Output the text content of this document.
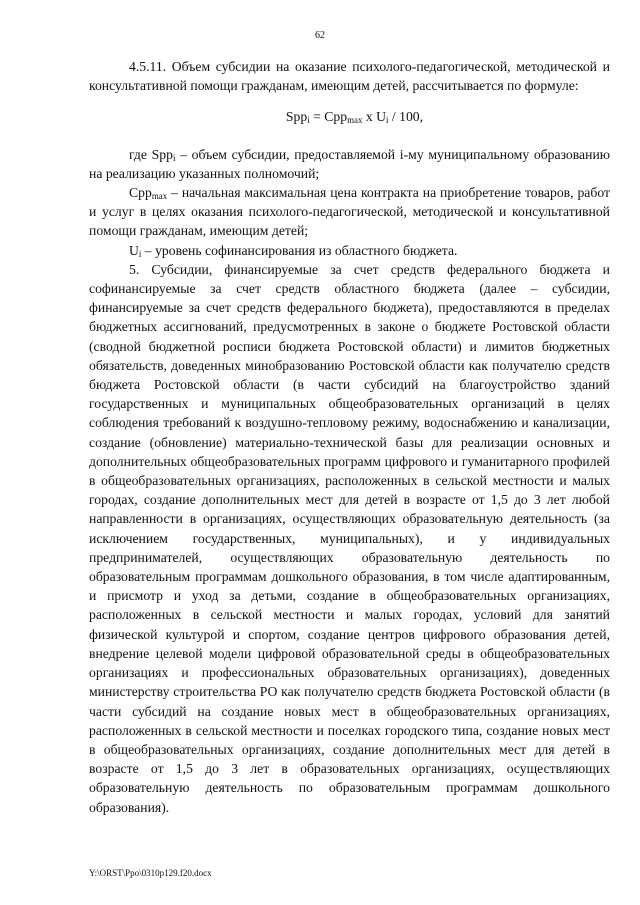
62

4.5.11. Объем субсидии на оказание психолого-педагогической, методической и консультативной помощи гражданам, имеющим детей, рассчитывается по формуле:

Spp$_i$ = Cpp$_{max}$ x $U_i / 100$,

где Spp$_i$ – объем субсидии, предоставляемой i-му муниципальному образованию на реализацию указанных полномочий;

Cpp$_{max}$ – начальная максимальная цена контракта на приобретение товаров, работ и услуг в целях оказания психолого-педагогической, методической и консультативной помощи гражданам, имеющим детей;

$U_i$ – уровень софинансирования из областного бюджета.

5. Субсидии, финансируемые за счет средств федерального бюджета и софинансируемые за счет средств областного бюджета (далее – субсидии, финансируемые за счет средств федерального бюджета), предоставляются в пределах бюджетных ассигнований, предусмотренных в законе о бюджете Ростовской области (сводной бюджетной росписи бюджета Ростовской области) и лимитов бюджетных обязательств, доведенных минобразованию Ростовской области как получателю средств бюджета Ростовской области (в части субсидий на благоустройство зданий государственных и муниципальных общеобразовательных организаций в целях соблюдения требований к воздушно-тепловому режиму, водоснабжению и канализации, создание (обновление) материально-технической базы для реализации основных и дополнительных общеобразовательных программ цифрового и гуманитарного профилей в общеобразовательных организациях, расположенных в сельской местности и малых городах, создание дополнительных мест для детей в возрасте от 1,5 до 3 лет любой направленности в организациях, осуществляющих образовательную деятельность (за исключением государственных, муниципальных), и у индивидуальных предпринимателей, осуществляющих образовательную деятельность по образовательным программам дошкольного образования, в том числе адаптированным, и присмотр и уход за детьми, создание в общеобразовательных организациях, расположенных в сельской местности и малых городах, условий для занятий физической культурой и спортом, создание центров цифрового образования детей, внедрение целевой модели цифровой образовательной среды в общеобразовательных организациях и профессиональных образовательных организациях), доведенных министерству строительства РО как получателю средств бюджета Ростовской области (в части субсидий на создание новых мест в общеобразовательных организациях, расположенных в сельской местности и поселках городского типа, создание новых мест в общеобразовательных организациях, создание дополнительных мест для детей в возрасте от 1,5 до 3 лет в образовательных организациях, осуществляющих образовательную деятельность по образовательным программам дошкольного образования).

Y:\ORST\Ppo\0310p129.f20.docx
